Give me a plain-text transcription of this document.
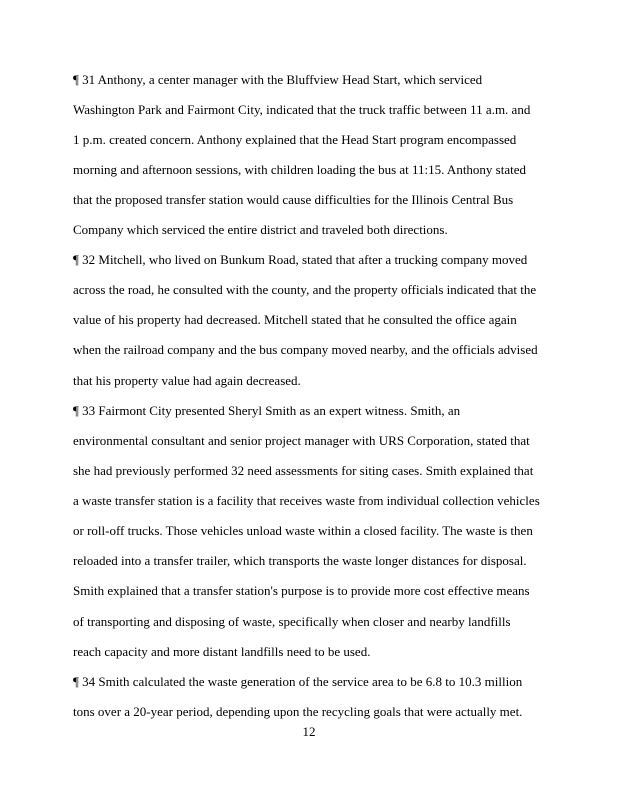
¶ 31 Anthony, a center manager with the Bluffview Head Start, which serviced
Washington Park and Fairmont City, indicated that the truck traffic between 11 a.m. and
1 p.m. created concern. Anthony explained that the Head Start program encompassed
morning and afternoon sessions, with children loading the bus at 11:15. Anthony stated
that the proposed transfer station would cause difficulties for the Illinois Central Bus
Company which serviced the entire district and traveled both directions.
¶ 32 Mitchell, who lived on Bunkum Road, stated that after a trucking company moved
across the road, he consulted with the county, and the property officials indicated that the
value of his property had decreased. Mitchell stated that he consulted the office again
when the railroad company and the bus company moved nearby, and the officials advised
that his property value had again decreased.
¶ 33 Fairmont City presented Sheryl Smith as an expert witness. Smith, an
environmental consultant and senior project manager with URS Corporation, stated that
she had previously performed 32 need assessments for siting cases. Smith explained that
a waste transfer station is a facility that receives waste from individual collection vehicles
or roll-off trucks. Those vehicles unload waste within a closed facility. The waste is then
reloaded into a transfer trailer, which transports the waste longer distances for disposal.
Smith explained that a transfer station's purpose is to provide more cost effective means
of transporting and disposing of waste, specifically when closer and nearby landfills
reach capacity and more distant landfills need to be used.
¶ 34 Smith calculated the waste generation of the service area to be 6.8 to 10.3 million
tons over a 20-year period, depending upon the recycling goals that were actually met.
12
